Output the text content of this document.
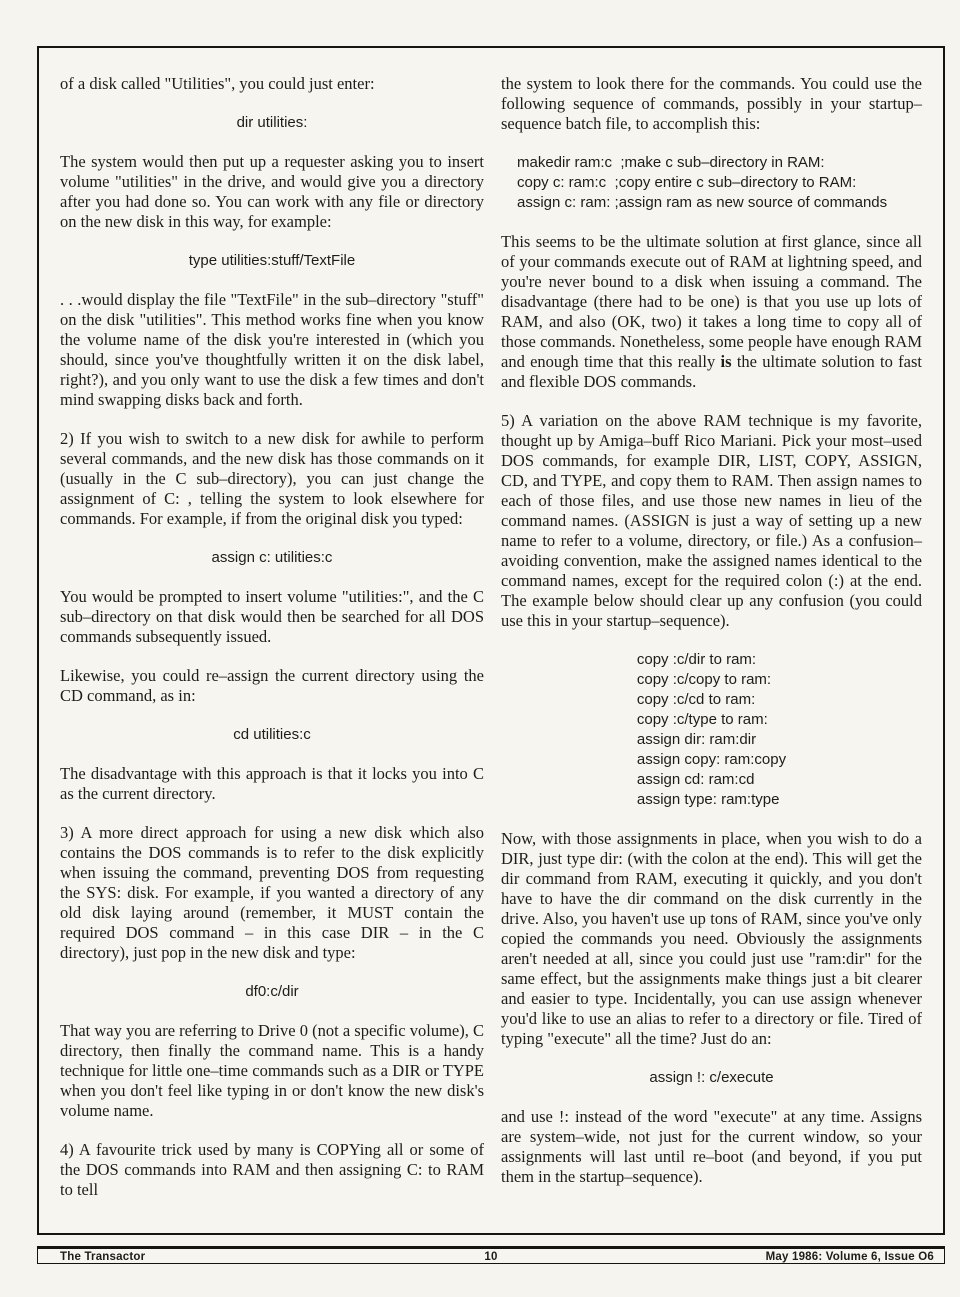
of a disk called "Utilities", you could just enter:
dir utilities:
The system would then put up a requester asking you to insert volume "utilities" in the drive, and would give you a directory after you had done so. You can work with any file or directory on the new disk in this way, for example:
type utilities:stuff/TextFile
. . .would display the file "TextFile" in the sub–directory "stuff" on the disk "utilities". This method works fine when you know the volume name of the disk you're interested in (which you should, since you've thoughtfully written it on the disk label, right?), and you only want to use the disk a few times and don't mind swapping disks back and forth.
2) If you wish to switch to a new disk for awhile to perform several commands, and the new disk has those commands on it (usually in the C sub–directory), you can just change the assignment of C: , telling the system to look elsewhere for commands. For example, if from the original disk you typed:
assign c: utilities:c
You would be prompted to insert volume "utilities:", and the C sub–directory on that disk would then be searched for all DOS commands subsequently issued.
Likewise, you could re–assign the current directory using the CD command, as in:
cd utilities:c
The disadvantage with this approach is that it locks you into C as the current directory.
3) A more direct approach for using a new disk which also contains the DOS commands is to refer to the disk explicitly when issuing the command, preventing DOS from requesting the SYS: disk. For example, if you wanted a directory of any old disk laying around (remember, it MUST contain the required DOS command – in this case DIR – in the C directory), just pop in the new disk and type:
df0:c/dir
That way you are referring to Drive 0 (not a specific volume), C directory, then finally the command name. This is a handy technique for little one–time commands such as a DIR or TYPE when you don't feel like typing in or don't know the new disk's volume name.
4) A favourite trick used by many is COPYing all or some of the DOS commands into RAM and then assigning C: to RAM to tell
the system to look there for the commands. You could use the following sequence of commands, possibly in your startup–sequence batch file, to accomplish this:
makedir ram:c  ;make c sub–directory in RAM:
copy c: ram:c  ;copy entire c sub–directory to RAM:
assign c: ram: ;assign ram as new source of commands
This seems to be the ultimate solution at first glance, since all of your commands execute out of RAM at lightning speed, and you're never bound to a disk when issuing a command. The disadvantage (there had to be one) is that you use up lots of RAM, and also (OK, two) it takes a long time to copy all of those commands. Nonetheless, some people have enough RAM and enough time that this really is the ultimate solution to fast and flexible DOS commands.
5) A variation on the above RAM technique is my favorite, thought up by Amiga–buff Rico Mariani. Pick your most–used DOS commands, for example DIR, LIST, COPY, ASSIGN, CD, and TYPE, and copy them to RAM. Then assign names to each of those files, and use those new names in lieu of the command names. (ASSIGN is just a way of setting up a new name to refer to a volume, directory, or file.) As a confusion–avoiding convention, make the assigned names identical to the command names, except for the required colon (:) at the end. The example below should clear up any confusion (you could use this in your startup–sequence).
copy :c/dir to ram:
copy :c/copy to ram:
copy :c/cd to ram:
copy :c/type to ram:
assign dir: ram:dir
assign copy: ram:copy
assign cd: ram:cd
assign type: ram:type
Now, with those assignments in place, when you wish to do a DIR, just type dir: (with the colon at the end). This will get the dir command from RAM, executing it quickly, and you don't have to have the dir command on the disk currently in the drive. Also, you haven't use up tons of RAM, since you've only copied the commands you need. Obviously the assignments aren't needed at all, since you could just use "ram:dir" for the same effect, but the assignments make things just a bit clearer and easier to type. Incidentally, you can use assign whenever you'd like to use an alias to refer to a directory or file. Tired of typing "execute" all the time? Just do an:
assign !: c/execute
and use !: instead of the word "execute" at any time. Assigns are system–wide, not just for the current window, so your assignments will last until re–boot (and beyond, if you put them in the startup–sequence).
The Transactor	10	May 1986: Volume 6, Issue O6
